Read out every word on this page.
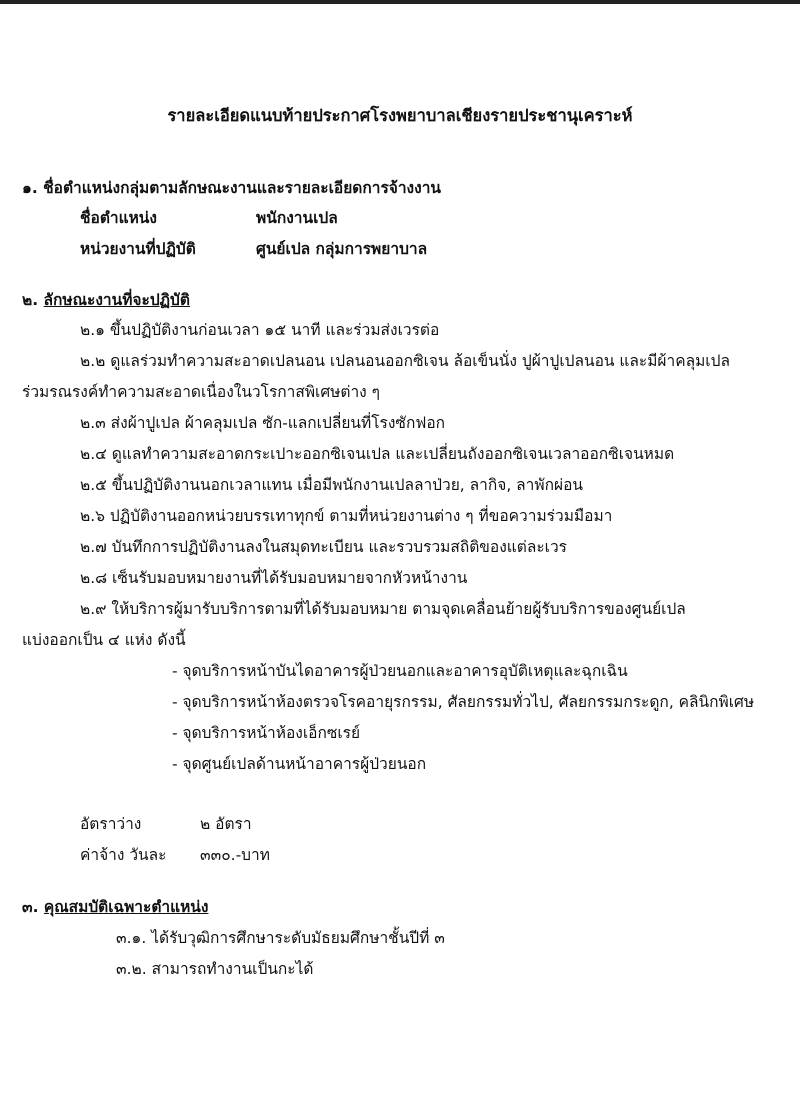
รายละเอียดแนบท้ายประกาศโรงพยาบาลเชียงรายประชานุเคราะห์
๑. ชื่อตำแหน่งกลุ่มตามลักษณะงานและรายละเอียดการจ้างงาน
ชื่อตำแหน่ง	พนักงานเปล
หน่วยงานที่ปฏิบัติ	ศูนย์เปล กลุ่มการพยาบาล
๒. ลักษณะงานที่จะปฏิบัติ
๒.๑ ขึ้นปฏิบัติงานก่อนเวลา ๑๕ นาที และร่วมส่งเวรต่อ
๒.๒ ดูแลร่วมทำความสะอาดเปลนอน เปลนอนออกซิเจน ล้อเข็นนั่ง ปูผ้าปูเปลนอน และมีผ้าคลุมเปล
ร่วมรณรงค์ทำความสะอาดเนื่องในวโรกาสพิเศษต่าง ๆ
๒.๓ ส่งผ้าปูเปล ผ้าคลุมเปล ซัก-แลกเปลี่ยนที่โรงซักฟอก
๒.๔ ดูแลทำความสะอาดกระเปาะออกซิเจนเปล และเปลี่ยนถังออกซิเจนเวลาออกซิเจนหมด
๒.๕ ขึ้นปฏิบัติงานนอกเวลาแทน เมื่อมีพนักงานเปลลาป่วย, ลากิจ, ลาพักผ่อน
๒.๖ ปฏิบัติงานออกหน่วยบรรเทาทุกข์ ตามที่หน่วยงานต่าง ๆ ที่ขอความร่วมมือมา
๒.๗ บันทึกการปฏิบัติงานลงในสมุดทะเบียน และรวบรวมสถิติของแต่ละเวร
๒.๘ เซ็นรับมอบหมายงานที่ได้รับมอบหมายจากหัวหน้างาน
๒.๙ ให้บริการผู้มารับบริการตามที่ได้รับมอบหมาย ตามจุดเคลื่อนย้ายผู้รับบริการของศูนย์เปล
แบ่งออกเป็น ๔ แห่ง ดังนี้
- จุดบริการหน้าบันไดอาคารผู้ป่วยนอกและอาคารอุบัติเหตุและฉุกเฉิน
- จุดบริการหน้าห้องตรวจโรคอายุรกรรม, ศัลยกรรมทั่วไป, ศัลยกรรมกระดูก, คลินิกพิเศษ
- จุดบริการหน้าห้องเอ็กซเรย์
- จุดศูนย์เปลด้านหน้าอาคารผู้ป่วยนอก
อัตราว่าง	๒ อัตรา
ค่าจ้าง วันละ ๓๓๐.-บาท
๓. คุณสมบัติเฉพาะตำแหน่ง
๓.๑. ได้รับวุฒิการศึกษาระดับมัธยมศึกษาชั้นปีที่ ๓
๓.๒. สามารถทำงานเป็นกะได้
